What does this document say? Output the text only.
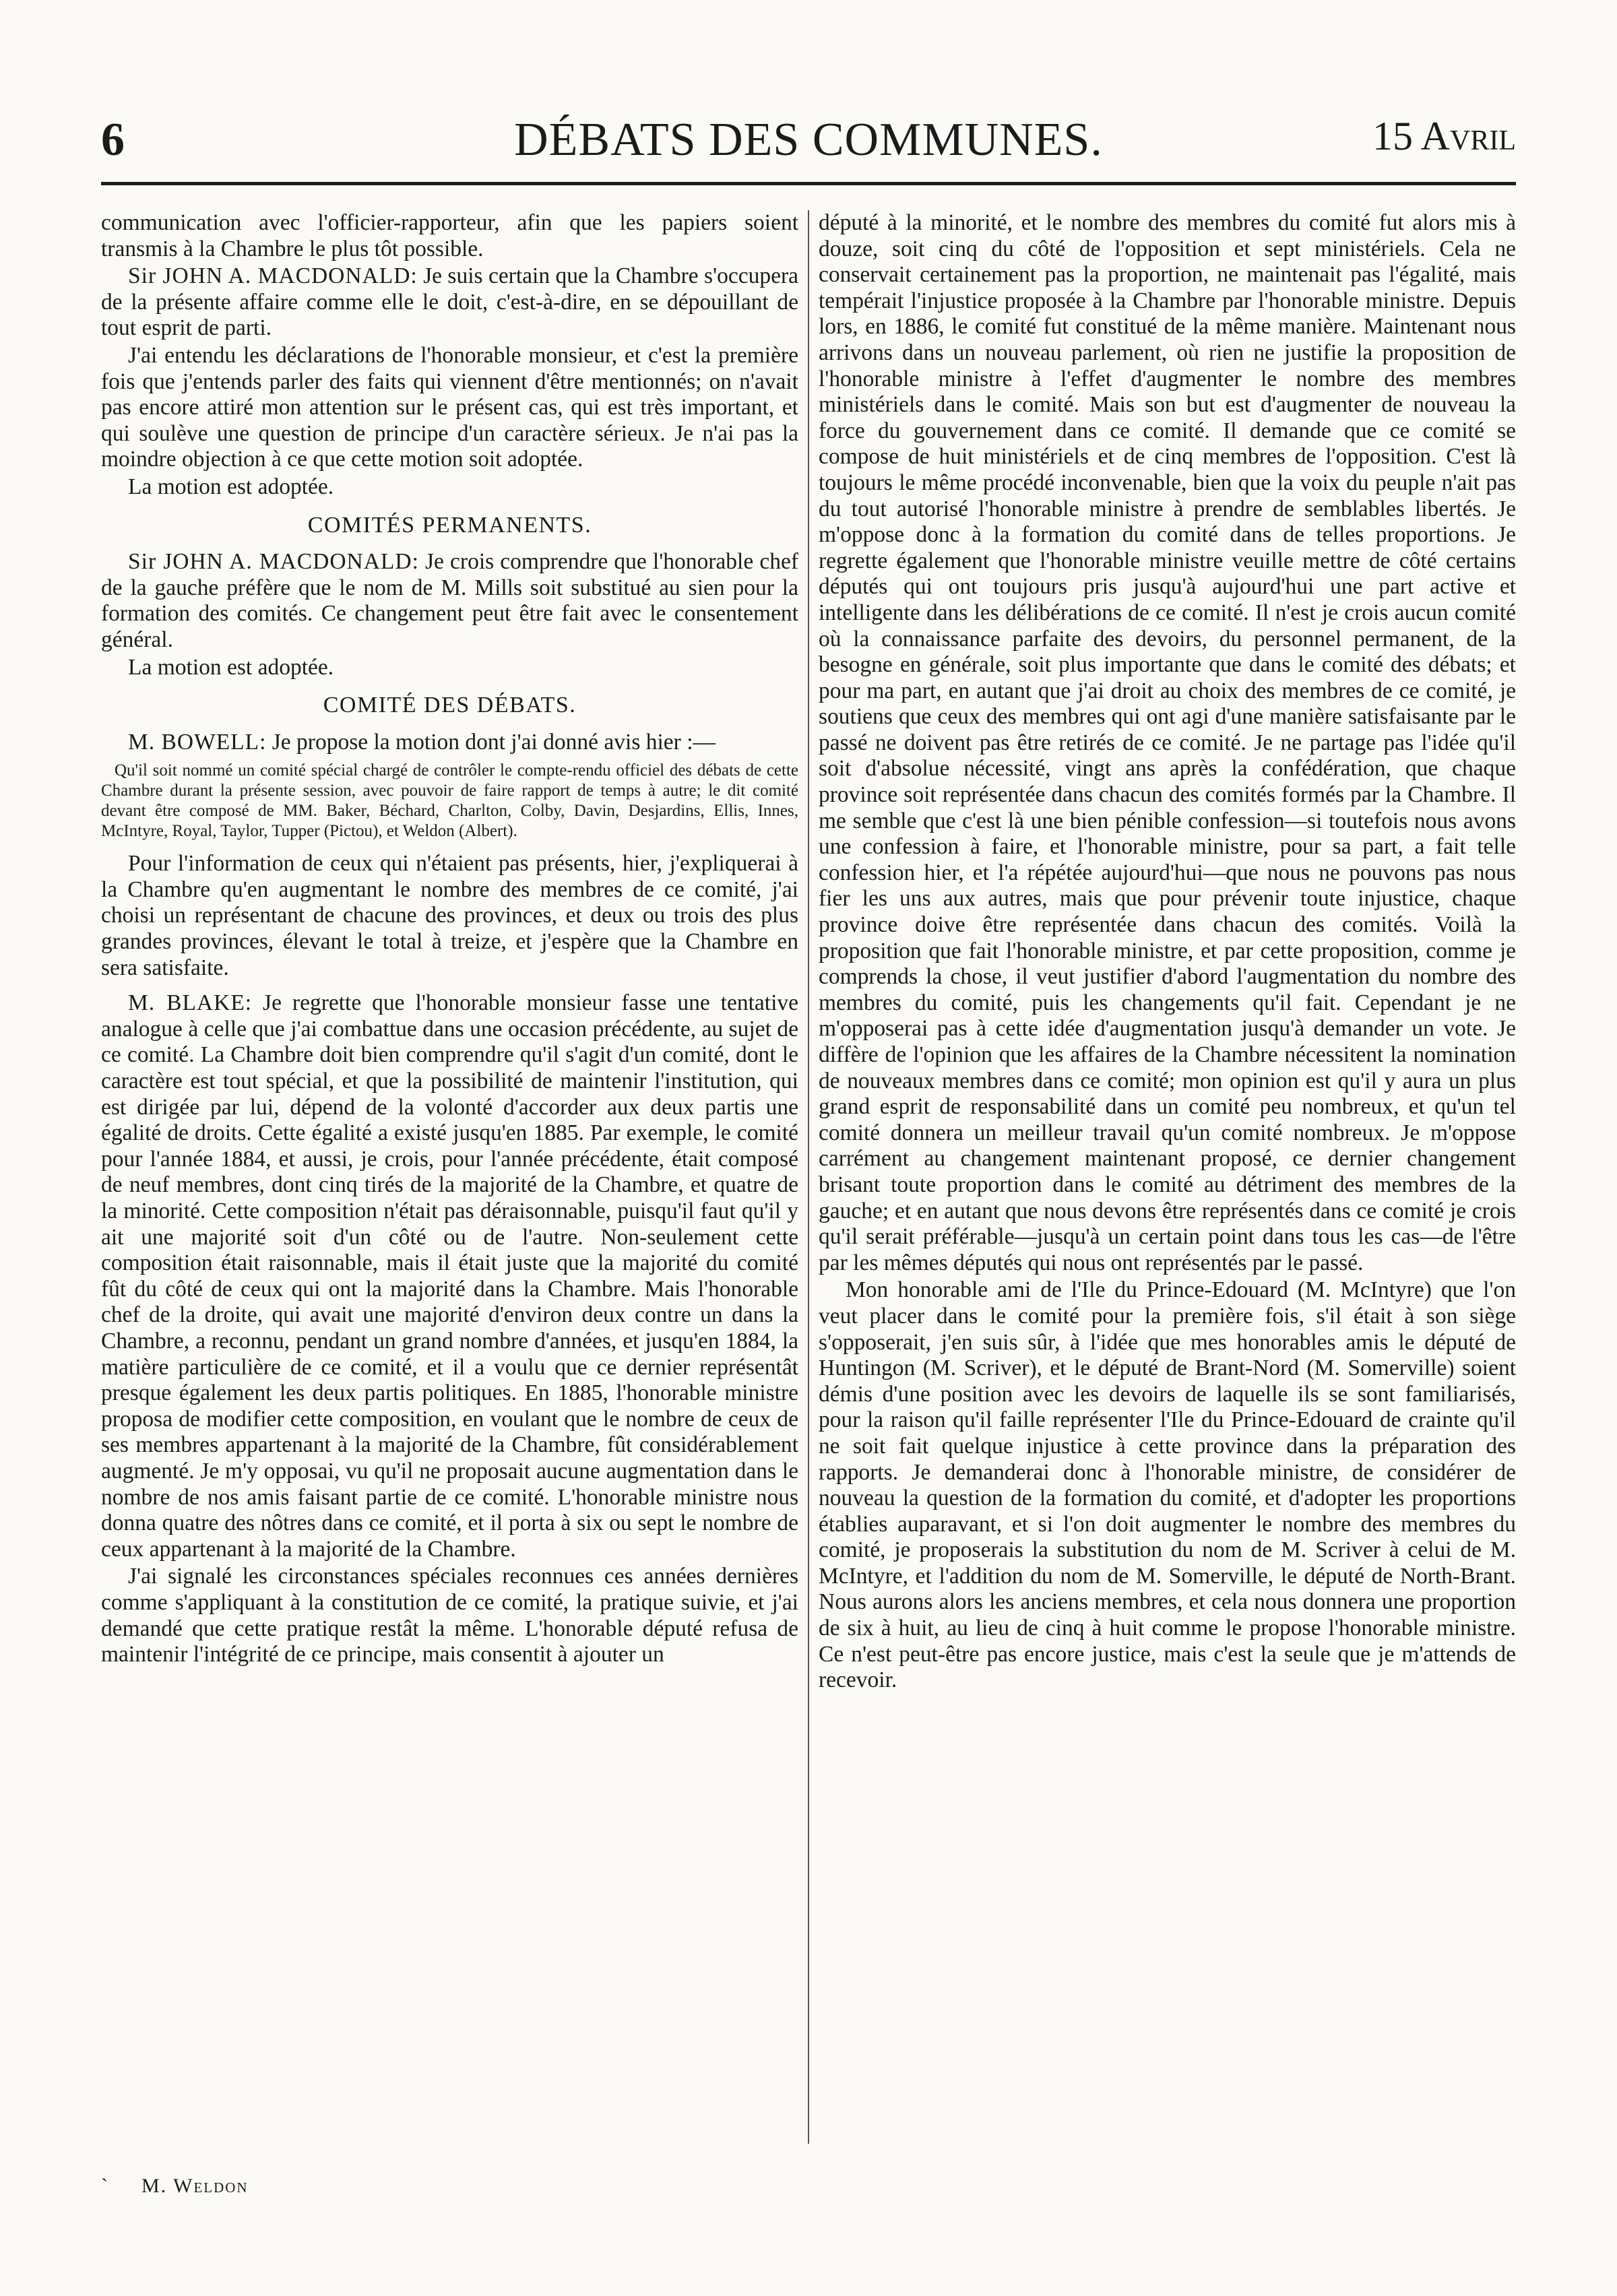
6	DÉBATS DES COMMUNES.	15 Avril

communication avec l'officier-rapporteur, afin que les papiers soient transmis à la Chambre le plus tôt possible.

Sir JOHN A. MACDONALD: Je suis certain que la Chambre s'occupera de la présente affaire comme elle le doit, c'est-à-dire, en se dépouillant de tout esprit de parti.

J'ai entendu les déclarations de l'honorable monsieur, et c'est la première fois que j'entends parler des faits qui viennent d'être mentionnés; on n'avait pas encore attiré mon attention sur le présent cas, qui est très important, et qui soulève une question de principe d'un caractère sérieux. Je n'ai pas la moindre objection à ce que cette motion soit adoptée.

La motion est adoptée.

COMITÉS PERMANENTS.

Sir JOHN A. MACDONALD: Je crois comprendre que l'honorable chef de la gauche préfère que le nom de M. Mills soit substitué au sien pour la formation des comités. Ce changement peut être fait avec le consentement général.

La motion est adoptée.

COMITÉ DES DÉBATS.

M. BOWELL: Je propose la motion dont j'ai donné avis hier :—

Qu'il soit nommé un comité spécial chargé de contrôler le compte-rendu officiel des débats de cette Chambre durant la présente session, avec pouvoir de faire rapport de temps à autre; le dit comité devant être composé de MM. Baker, Béchard, Charlton, Colby, Davin, Desjardins, Ellis, Innes, McIntyre, Royal, Taylor, Tupper (Pictou), et Weldon (Albert).

Pour l'information de ceux qui n'étaient pas présents, hier, j'expliquerai à la Chambre qu'en augmentant le nombre des membres de ce comité, j'ai choisi un représentant de chacune des provinces, et deux ou trois des plus grandes provinces, élevant le total à treize, et j'espère que la Chambre en sera satisfaite.

M. BLAKE: Je regrette que l'honorable monsieur fasse une tentative analogue à celle que j'ai combattue dans une occasion précédente, au sujet de ce comité. La Chambre doit bien comprendre qu'il s'agit d'un comité, dont le caractère est tout spécial, et que la possibilité de maintenir l'institution, qui est dirigée par lui, dépend de la volonté d'accorder aux deux partis une égalité de droits. Cette égalité a existé jusqu'en 1885. Par exemple, le comité pour l'année 1884, et aussi, je crois, pour l'année précédente, était composé de neuf membres, dont cinq tirés de la majorité de la Chambre, et quatre de la minorité. Cette composition n'était pas déraisonnable, puisqu'il faut qu'il y ait une majorité soit d'un côté ou de l'autre. Non-seulement cette composition était raisonnable, mais il était juste que la majorité du comité fût du côté de ceux qui ont la majorité dans la Chambre. Mais l'honorable chef de la droite, qui avait une majorité d'environ deux contre un dans la Chambre, a reconnu, pendant un grand nombre d'années, et jusqu'en 1884, la matière particulière de ce comité, et il a voulu que ce dernier représentât presque également les deux partis politiques. En 1885, l'honorable ministre proposa de modifier cette composition, en voulant que le nombre de ceux de ses membres appartenant à la majorité de la Chambre, fût considérablement augmenté. Je m'y opposai, vu qu'il ne proposait aucune augmentation dans le nombre de nos amis faisant partie de ce comité. L'honorable ministre nous donna quatre des nôtres dans ce comité, et il porta à six ou sept le nombre de ceux appartenant à la majorité de la Chambre.

J'ai signalé les circonstances spéciales reconnues ces années dernières comme s'appliquant à la constitution de ce comité, la pratique suivie, et j'ai demandé que cette pratique restât la même. L'honorable député refusa de maintenir l'intégrité de ce principe, mais consentit à ajouter un

député à la minorité, et le nombre des membres du comité fut alors mis à douze, soit cinq du côté de l'opposition et sept ministériels. Cela ne conservait certainement pas la proportion, ne maintenait pas l'égalité, mais tempérait l'injustice proposée à la Chambre par l'honorable ministre. Depuis lors, en 1886, le comité fut constitué de la même manière. Maintenant nous arrivons dans un nouveau parlement, où rien ne justifie la proposition de l'honorable ministre à l'effet d'augmenter le nombre des membres ministériels dans le comité. Mais son but est d'augmenter de nouveau la force du gouvernement dans ce comité. Il demande que ce comité se compose de huit ministériels et de cinq membres de l'opposition. C'est là toujours le même procédé inconvenable, bien que la voix du peuple n'ait pas du tout autorisé l'honorable ministre à prendre de semblables libertés. Je m'oppose donc à la formation du comité dans de telles proportions. Je regrette également que l'honorable ministre veuille mettre de côté certains députés qui ont toujours pris jusqu'à aujourd'hui une part active et intelligente dans les délibérations de ce comité. Il n'est je crois aucun comité où la connaissance parfaite des devoirs, du personnel permanent, de la besogne en générale, soit plus importante que dans le comité des débats; et pour ma part, en autant que j'ai droit au choix des membres de ce comité, je soutiens que ceux des membres qui ont agi d'une manière satisfaisante par le passé ne doivent pas être retirés de ce comité. Je ne partage pas l'idée qu'il soit d'absolue nécessité, vingt ans après la confédération, que chaque province soit représentée dans chacun des comités formés par la Chambre. Il me semble que c'est là une bien pénible confession—si toutefois nous avons une confession à faire, et l'honorable ministre, pour sa part, a fait telle confession hier, et l'a répétée aujourd'hui—que nous ne pouvons pas nous fier les uns aux autres, mais que pour prévenir toute injustice, chaque province doive être représentée dans chacun des comités. Voilà la proposition que fait l'honorable ministre, et par cette proposition, comme je comprends la chose, il veut justifier d'abord l'augmentation du nombre des membres du comité, puis les changements qu'il fait. Cependant je ne m'opposerai pas à cette idée d'augmentation jusqu'à demander un vote. Je diffère de l'opinion que les affaires de la Chambre nécessitent la nomination de nouveaux membres dans ce comité; mon opinion est qu'il y aura un plus grand esprit de responsabilité dans un comité peu nombreux, et qu'un tel comité donnera un meilleur travail qu'un comité nombreux. Je m'oppose carrément au changement maintenant proposé, ce dernier changement brisant toute proportion dans le comité au détriment des membres de la gauche; et en autant que nous devons être représentés dans ce comité je crois qu'il serait préférable—jusqu'à un certain point dans tous les cas—de l'être par les mêmes députés qui nous ont représentés par le passé.

Mon honorable ami de l'Ile du Prince-Edouard (M. McIntyre) que l'on veut placer dans le comité pour la première fois, s'il était à son siège s'opposerait, j'en suis sûr, à l'idée que mes honorables amis le député de Huntingon (M. Scriver), et le député de Brant-Nord (M. Somerville) soient démis d'une position avec les devoirs de laquelle ils se sont familiarisés, pour la raison qu'il faille représenter l'Ile du Prince-Edouard de crainte qu'il ne soit fait quelque injustice à cette province dans la préparation des rapports. Je demanderai donc à l'honorable ministre, de considérer de nouveau la question de la formation du comité, et d'adopter les proportions établies auparavant, et si l'on doit augmenter le nombre des membres du comité, je proposerais la substitution du nom de M. Scriver à celui de M. McIntyre, et l'addition du nom de M. Somerville, le député de North-Brant. Nous aurons alors les anciens membres, et cela nous donnera une proportion de six à huit, au lieu de cinq à huit comme le propose l'honorable ministre. Ce n'est peut-être pas encore justice, mais c'est la seule que je m'attends de recevoir.

` M. Weldon
